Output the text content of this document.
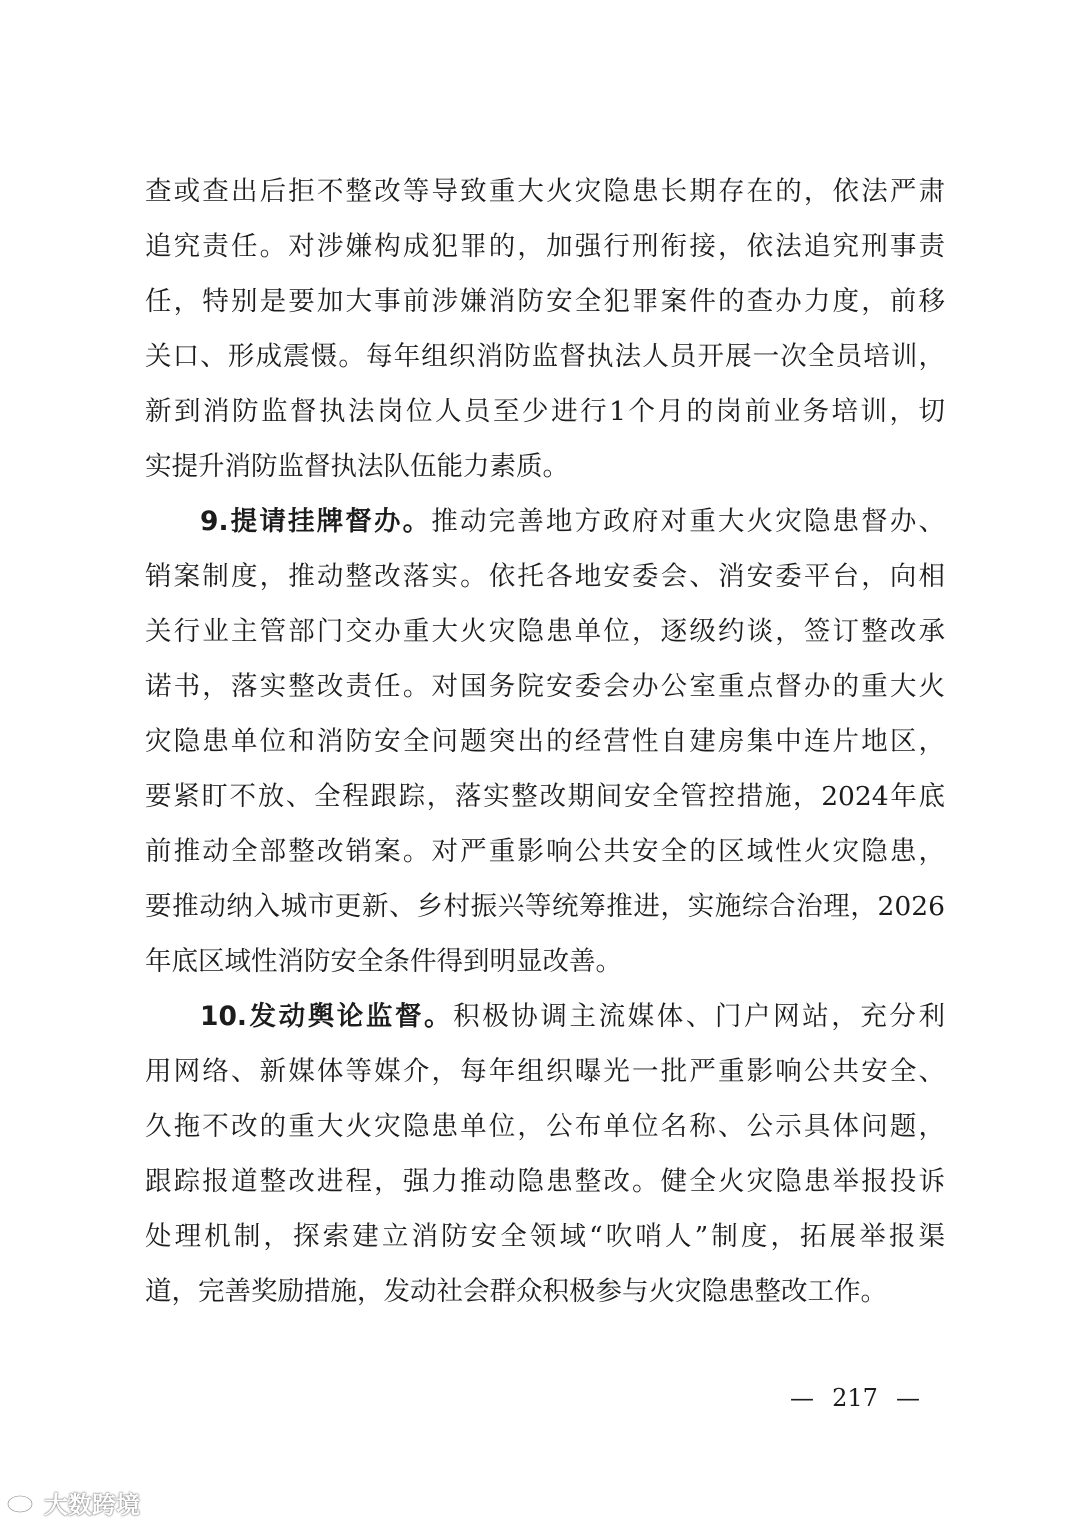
查或查出后拒不整改等导致重大火灾隐患长期存在的，依法严肃
追究责任。对涉嫌构成犯罪的，加强行刑衔接，依法追究刑事责
任，特别是要加大事前涉嫌消防安全犯罪案件的查办力度，前移
关口、形成震慑。每年组织消防监督执法人员开展一次全员培训，
新到消防监督执法岗位人员至少进行1个月的岗前业务培训，切
实提升消防监督执法队伍能力素质。
9.提请挂牌督办。推动完善地方政府对重大火灾隐患督办、
销案制度，推动整改落实。依托各地安委会、消安委平台，向相
关行业主管部门交办重大火灾隐患单位，逐级约谈，签订整改承
诺书，落实整改责任。对国务院安委会办公室重点督办的重大火
灾隐患单位和消防安全问题突出的经营性自建房集中连片地区，
要紧盯不放、全程跟踪，落实整改期间安全管控措施，2024年底
前推动全部整改销案。对严重影响公共安全的区域性火灾隐患，
要推动纳入城市更新、乡村振兴等统筹推进，实施综合治理，2026
年底区域性消防安全条件得到明显改善。
10.发动舆论监督。积极协调主流媒体、门户网站，充分利
用网络、新媒体等媒介，每年组织曝光一批严重影响公共安全、
久拖不改的重大火灾隐患单位，公布单位名称、公示具体问题，
跟踪报道整改进程，强力推动隐患整改。健全火灾隐患举报投诉
处理机制，探索建立消防安全领域“吹哨人”制度，拓展举报渠
道，完善奖励措施，发动社会群众积极参与火灾隐患整改工作。
— 217 —
大数跨境
